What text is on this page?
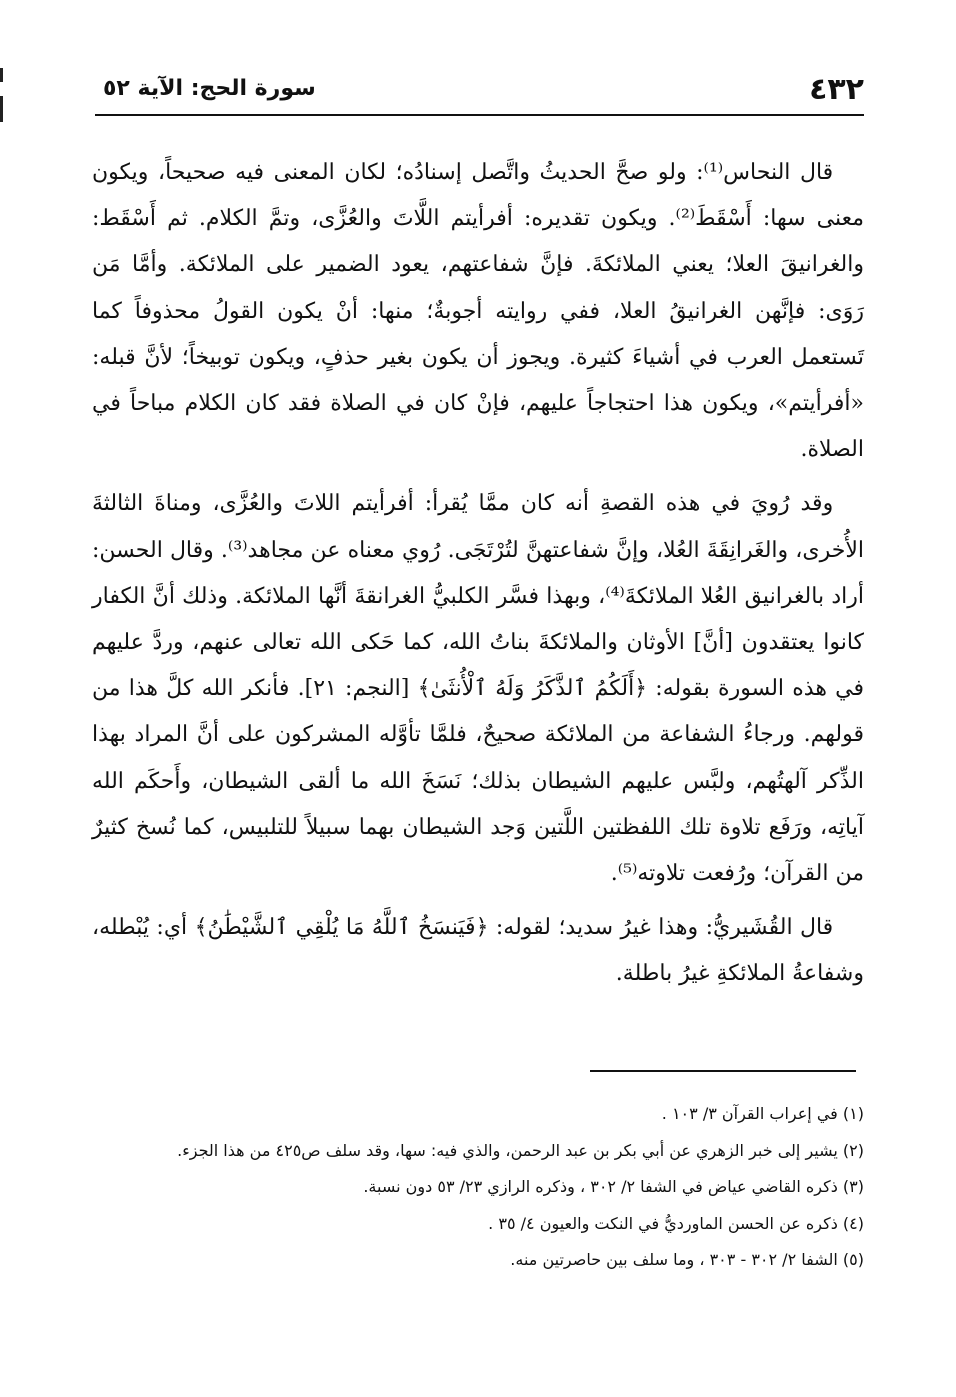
٤٣٢
سورة الحج: الآية ٥٢

قال النحاس⁽¹⁾: ولو صحَّ الحديثُ واتَّصل إسنادُه؛ لكان المعنى فيه صحيحاً، ويكون معنى سها: أَسْقَطَ⁽²⁾. ويكون تقديره: أفرأيتم اللَّاتَ والعُزَّى، وتمَّ الكلام. ثم أَسْقَط: والغرانيقَ العلا؛ يعني الملائكةَ. فإنَّ شفاعتهم، يعود الضمير على الملائكة. وأمَّا مَن رَوَى: فإنَّهن الغرانيقُ العلا، ففي روايته أجوبةٌ؛ منها: أنْ يكون القولُ محذوفاً كما تَستعمل العرب في أشياءَ كثيرة. ويجوز أن يكون بغير حذفٍ، ويكون توبيخاً؛ لأنَّ قبله: «أفرأيتم»، ويكون هذا احتجاجاً عليهم، فإنْ كان في الصلاة فقد كان الكلام مباحاً في الصلاة.

وقد رُويَ في هذه القصةِ أنه كان ممَّا يُقرأ: أفرأيتم اللاتَ والعُزَّى، ومناةَ الثالثةَ الأُخرى، والغَرانِقَةَ العُلا، وإنَّ شفاعتهنَّ لتُرْتَجَى. رُوي معناه عن مجاهد⁽³⁾. وقال الحسن: أراد بالغرانيق العُلا الملائكةَ⁽⁴⁾، وبهذا فسَّر الكلبيُّ الغرانقةَ أنَّها الملائكة. وذلك أنَّ الكفار كانوا يعتقدون [أنَّ] الأوثان والملائكةَ بناتُ الله، كما حَكى الله تعالى عنهم، وردَّ عليهم في هذه السورة بقوله: ﴿أَلَكُمُ ٱلذَّكَرُ وَلَهُ ٱلْأُنثَىٰ﴾ [النجم: ٢١]. فأنكر الله كلَّ هذا من قولهم. ورجاءُ الشفاعة من الملائكة صحيحٌ، فلمَّا تأوَّله المشركون على أنَّ المراد بهذا الذِّكر آلهتُهم، ولبَّس عليهم الشيطان بذلك؛ نَسَخَ الله ما ألقى الشيطان، وأَحكَم الله آياتِه، ورَفَع تلاوة تلك اللفظتين اللَّتين وَجد الشيطان بهما سبيلاً للتلبيس، كما نُسخ كثيرٌ من القرآن؛ ورُفعت تلاوته⁽⁵⁾.

قال القُشَيريُّ: وهذا غيرُ سديد؛ لقوله: ﴿فَيَنسَخُ ٱللَّهُ مَا يُلْقِي ٱلشَّيْطَٰنُ﴾ أي: يُبْطله، وشفاعةُ الملائكةِ غيرُ باطلة.

(١) في إعراب القرآن ٣/ ١٠٣ .

(٢) يشير إلى خبر الزهري عن أبي بكر بن عبد الرحمن، والذي فيه: سها، وقد سلف ص٤٢٥ من هذا الجزء.

(٣) ذكره القاضي عياض في الشفا ٢/ ٣٠٢ ، وذكره الرازي ٢٣/ ٥٣ دون نسبة.

(٤) ذكره عن الحسن الماورديُّ في النكت والعيون ٤/ ٣٥ .

(٥) الشفا ٢/ ٣٠٢ - ٣٠٣ ، وما سلف بين حاصرتين منه.
